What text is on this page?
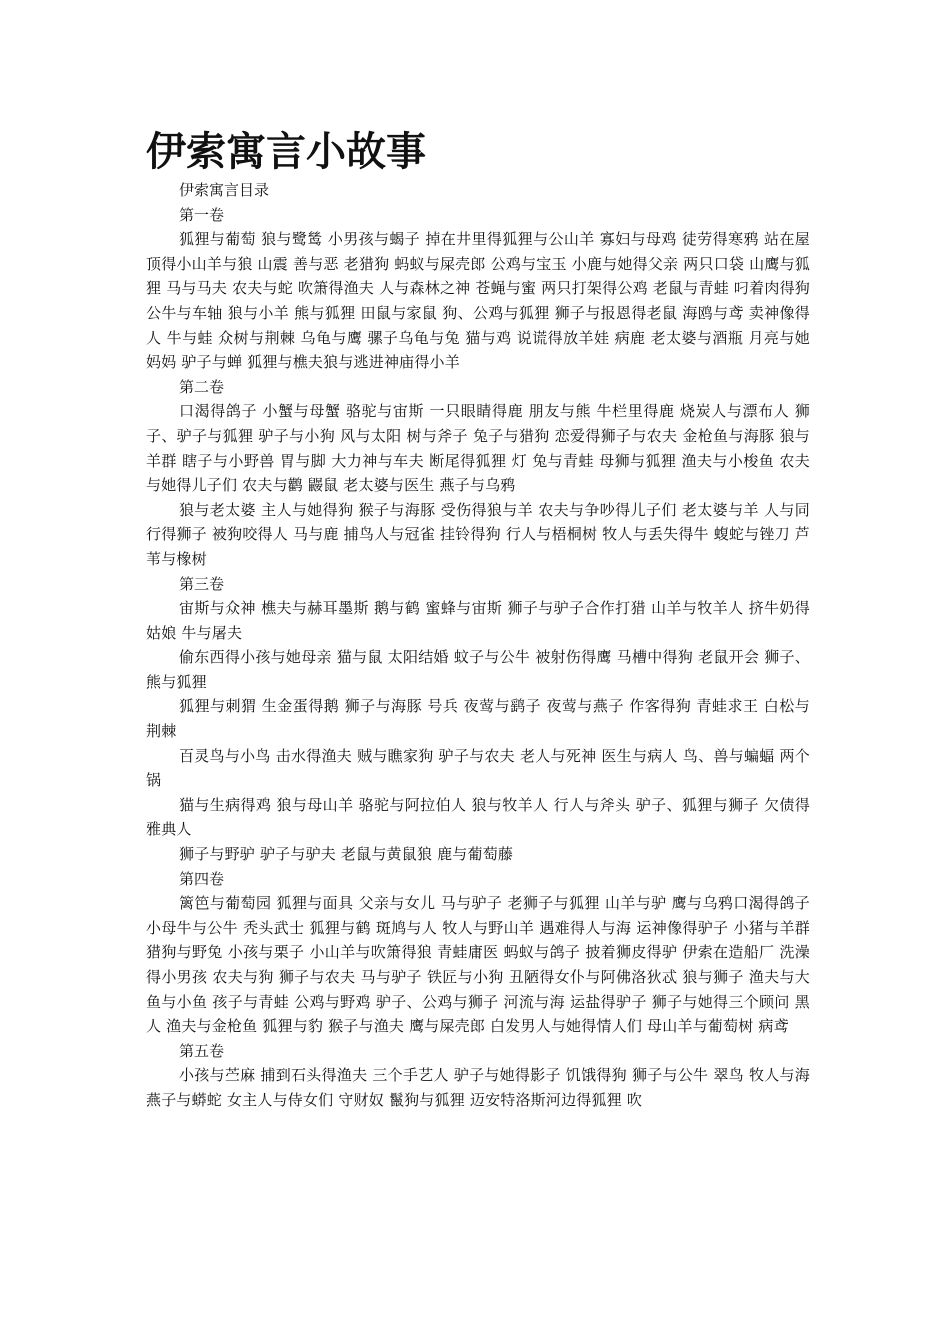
伊索寓言小故事

伊索寓言目录

第一卷

狐狸与葡萄 狼与鹭鸶 小男孩与蝎子 掉在井里得狐狸与公山羊 寡妇与母鸡 徒劳得寒鸦 站在屋顶得小山羊与狼 山震 善与恶 老猎狗 蚂蚁与屎壳郎 公鸡与宝玉 小鹿与她得父亲 两只口袋 山鹰与狐狸 马与马夫 农夫与蛇 吹箫得渔夫 人与森林之神 苍蝇与蜜 两只打架得公鸡 老鼠与青蛙 叼着肉得狗 公牛与车轴 狼与小羊 熊与狐狸 田鼠与家鼠 狗、公鸡与狐狸 狮子与报恩得老鼠 海鸥与鸢 卖神像得人 牛与蛙 众树与荆棘 乌龟与鹰 骡子乌龟与兔 猫与鸡 说谎得放羊娃 病鹿 老太婆与酒瓶 月亮与她妈妈 驴子与蝉 狐狸与樵夫狼与逃进神庙得小羊

第二卷

口渴得鸽子 小蟹与母蟹 骆驼与宙斯 一只眼睛得鹿 朋友与熊 牛栏里得鹿 烧炭人与漂布人 狮子、驴子与狐狸 驴子与小狗 风与太阳 树与斧子 兔子与猎狗 恋爱得狮子与农夫 金枪鱼与海豚 狼与羊群 瞎子与小野兽 胃与脚 大力神与车夫 断尾得狐狸 灯 兔与青蛙 母狮与狐狸 渔夫与小梭鱼 农夫与她得儿子们 农夫与鹳 鼹鼠 老太婆与医生 燕子与乌鸦

狼与老太婆 主人与她得狗 猴子与海豚 受伤得狼与羊 农夫与争吵得儿子们 老太婆与羊 人与同行得狮子 被狗咬得人 马与鹿 捕鸟人与冠雀 挂铃得狗 行人与梧桐树 牧人与丢失得牛 蝮蛇与锉刀 芦苇与橡树

第三卷

宙斯与众神 樵夫与赫耳墨斯 鹅与鹤 蜜蜂与宙斯 狮子与驴子合作打猎 山羊与牧羊人 挤牛奶得姑娘 牛与屠夫

偷东西得小孩与她母亲 猫与鼠 太阳结婚 蚊子与公牛 被射伤得鹰 马槽中得狗 老鼠开会 狮子、熊与狐狸

狐狸与刺猬 生金蛋得鹅 狮子与海豚 号兵 夜莺与鹞子 夜莺与燕子 作客得狗 青蛙求王 白松与荆棘

百灵鸟与小鸟 击水得渔夫 贼与瞧家狗 驴子与农夫 老人与死神 医生与病人 鸟、兽与蝙蝠 两个 锅

猫与生病得鸡 狼与母山羊 骆驼与阿拉伯人 狼与牧羊人 行人与斧头 驴子、狐狸与狮子 欠债得雅典人

狮子与野驴 驴子与驴夫 老鼠与黄鼠狼 鹿与葡萄藤

第四卷

篱笆与葡萄园 狐狸与面具 父亲与女儿 马与驴子 老狮子与狐狸 山羊与驴 鹰与乌鸦口渴得鸽子 小母牛与公牛 秃头武士 狐狸与鹤 斑鸠与人 牧人与野山羊 遇难得人与海 运神像得驴子 小猪与羊群 猎狗与野兔 小孩与栗子 小山羊与吹箫得狼 青蛙庸医 蚂蚁与鸽子 披着狮皮得驴 伊索在造船厂 洗澡得小男孩 农夫与狗 狮子与农夫 马与驴子 铁匠与小狗 丑陋得女仆与阿佛洛狄忒 狼与狮子 渔夫与大鱼与小鱼 孩子与青蛙 公鸡与野鸡 驴子、公鸡与狮子 河流与海 运盐得驴子 狮子与她得三个顾问 黑人 渔夫与金枪鱼 狐狸与豹 猴子与渔夫 鹰与屎壳郎 白发男人与她得情人们 母山羊与葡萄树 病鸢

第五卷

小孩与苎麻 捕到石头得渔夫 三个手艺人 驴子与她得影子 饥饿得狗 狮子与公牛 翠鸟 牧人与海 燕子与蟒蛇 女主人与侍女们 守财奴 鬣狗与狐狸 迈安特洛斯河边得狐狸 吹
